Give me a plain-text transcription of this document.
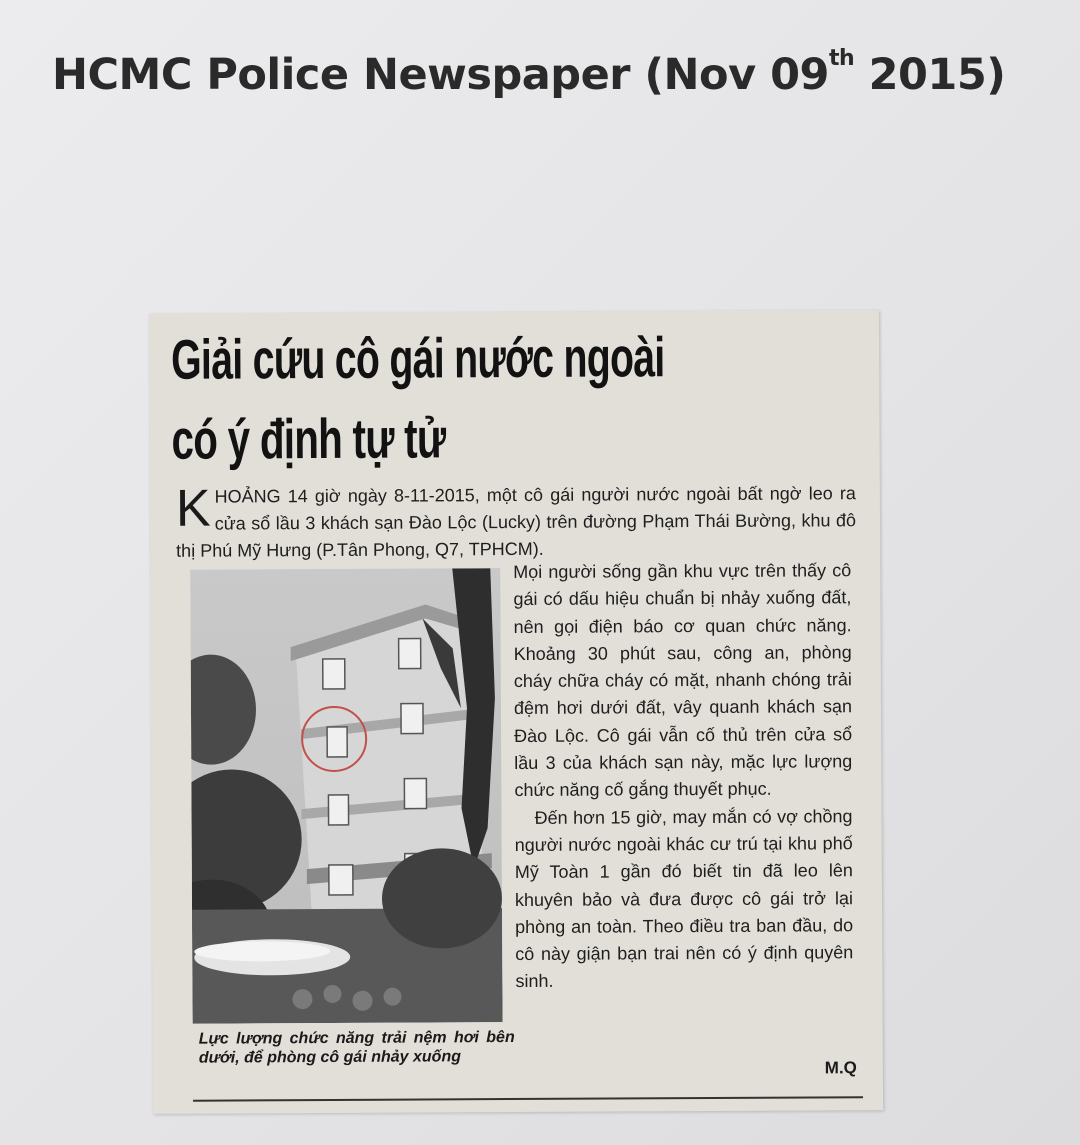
HCMC Police Newspaper (Nov 09th 2015)
Giải cứu cô gái nước ngoài
có ý định tự tử
KHOẢNG 14 giờ ngày 8-11-2015, một cô gái người nước ngoài bất ngờ leo ra cửa sổ lầu 3 khách sạn Đào Lộc (Lucky) trên đường Phạm Thái Bường, khu đô thị Phú Mỹ Hưng (P.Tân Phong, Q7, TPHCM).
Lực lượng chức năng trải nệm hơi bên dưới, để phòng cô gái nhảy xuống

Mọi người sống gần khu vực trên thấy cô gái có dấu hiệu chuẩn bị nhảy xuống đất, nên gọi điện báo cơ quan chức năng. Khoảng 30 phút sau, công an, phòng cháy chữa cháy có mặt, nhanh chóng trải đệm hơi dưới đất, vây quanh khách sạn Đào Lộc. Cô gái vẫn cố thủ trên cửa sổ lầu 3 của khách sạn này, mặc lực lượng chức năng cố gắng thuyết phục.

Đến hơn 15 giờ, may mắn có vợ chồng người nước ngoài khác cư trú tại khu phố Mỹ Toàn 1 gần đó biết tin đã leo lên khuyên bảo và đưa được cô gái trở lại phòng an toàn. Theo điều tra ban đầu, do cô này giận bạn trai nên có ý định quyên sinh.

M.Q
